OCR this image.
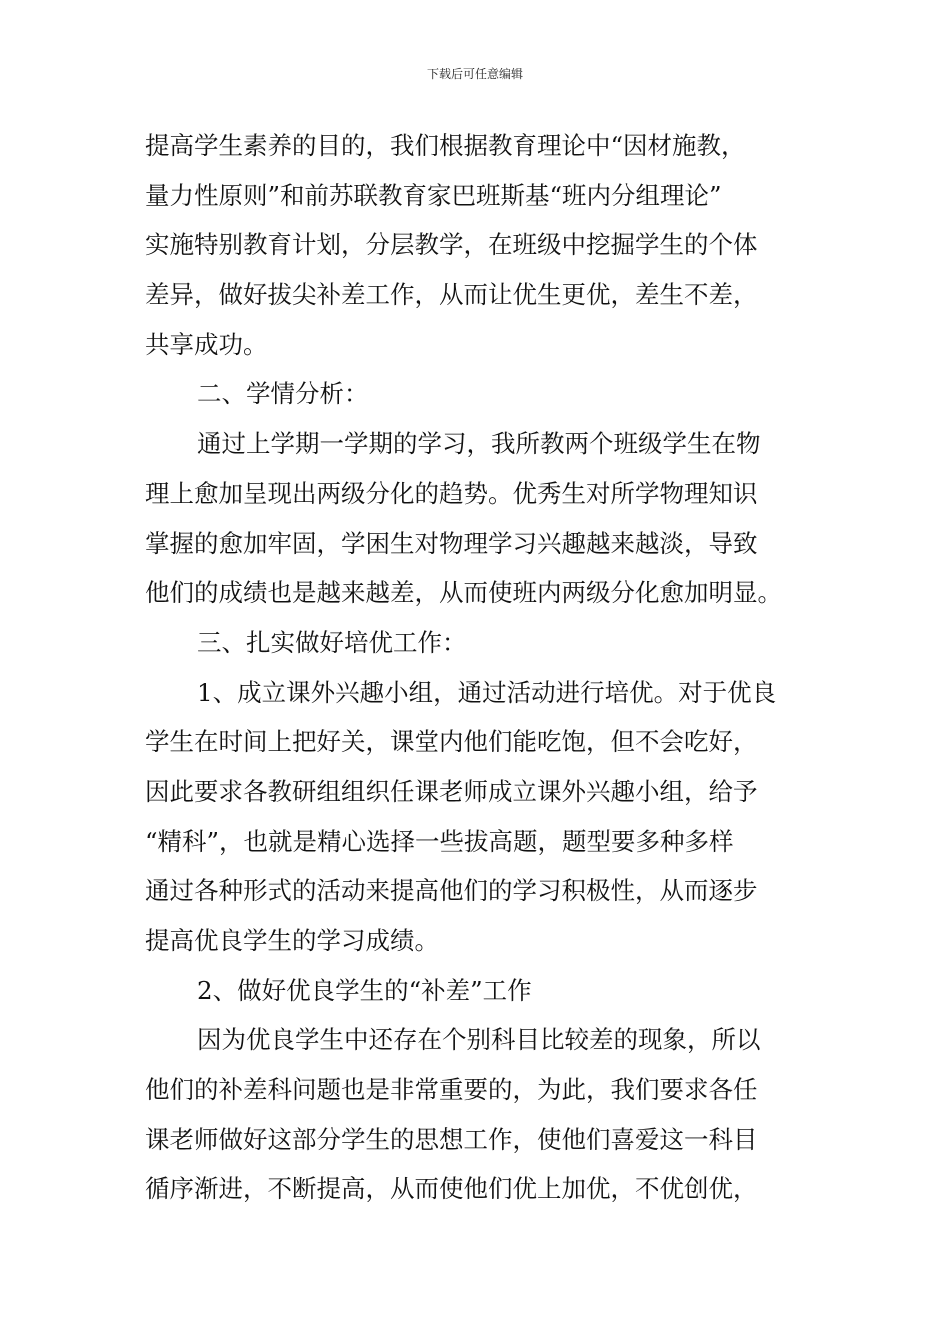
下载后可任意编辑
提高学生素养的目的，我们根据教育理论中“因材施教，
量力性原则”和前苏联教育家巴班斯基“班内分组理论”
实施特别教育计划，分层教学，在班级中挖掘学生的个体
差异，做好拔尖补差工作，从而让优生更优，差生不差，
共享成功。
二、学情分析：
通过上学期一学期的学习，我所教两个班级学生在物
理上愈加呈现出两级分化的趋势。优秀生对所学物理知识
掌握的愈加牢固，学困生对物理学习兴趣越来越淡，导致
他们的成绩也是越来越差，从而使班内两级分化愈加明显。
三、扎实做好培优工作：
1、成立课外兴趣小组，通过活动进行培优。对于优良
学生在时间上把好关，课堂内他们能吃饱，但不会吃好，
因此要求各教研组组织任课老师成立课外兴趣小组，给予
“精科”，也就是精心选择一些拔高题，题型要多种多样
通过各种形式的活动来提高他们的学习积极性，从而逐步
提高优良学生的学习成绩。
2、做好优良学生的“补差”工作
因为优良学生中还存在个别科目比较差的现象，所以
他们的补差科问题也是非常重要的，为此，我们要求各任
课老师做好这部分学生的思想工作，使他们喜爱这一科目
循序渐进，不断提高，从而使他们优上加优，不优创优，
